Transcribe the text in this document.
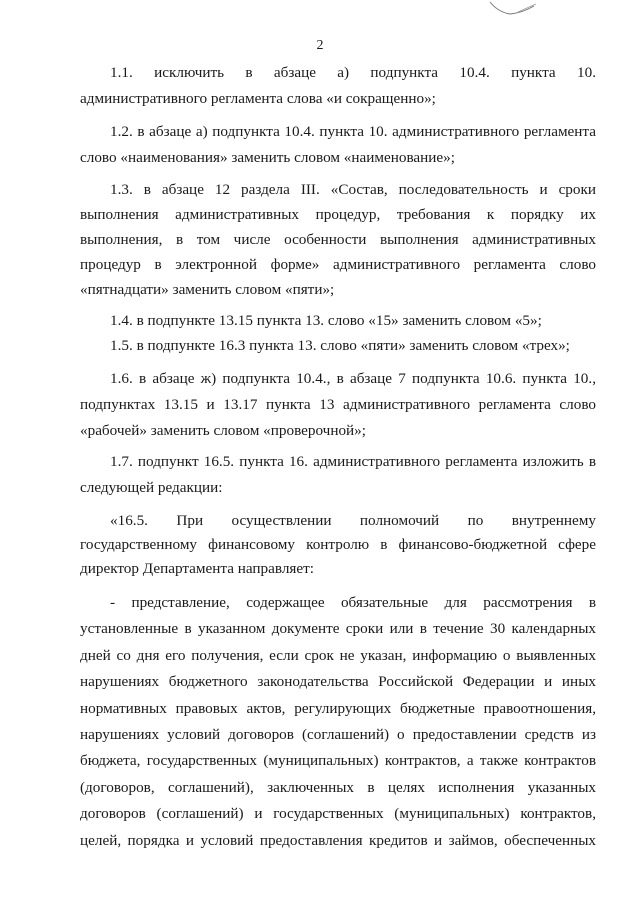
2
1.1. исключить в абзаце а) подпункта 10.4. пункта 10.
административного регламента слова «и сокращенно»;
1.2. в абзаце а) подпункта 10.4. пункта 10. административного регламента
слово «наименования» заменить словом «наименование»;
1.3. в абзаце 12 раздела III. «Состав, последовательность и сроки
выполнения административных процедур, требования к порядку их
выполнения, в том числе особенности выполнения административных
процедур в электронной форме» административного регламента слово
«пятнадцати» заменить словом «пяти»;
1.4. в подпункте 13.15 пункта 13. слово «15» заменить словом «5»;
1.5. в подпункте 16.3 пункта 13. слово «пяти» заменить словом «трех»;
1.6. в абзаце ж) подпункта 10.4., в абзаце 7 подпункта 10.6. пункта 10.,
подпунктах 13.15 и 13.17 пункта 13 административного регламента слово
«рабочей» заменить словом «проверочной»;
1.7. подпункт 16.5. пункта 16. административного регламента изложить в
следующей редакции:
«16.5. При осуществлении полномочий по внутреннему
государственному финансовому контролю в финансово-бюджетной сфере
директор Департамента направляет:
- представление, содержащее обязательные для рассмотрения в
установленные в указанном документе сроки или в течение 30 календарных
дней со дня его получения, если срок не указан, информацию о выявленных
нарушениях бюджетного законодательства Российской Федерации и иных
нормативных правовых актов, регулирующих бюджетные правоотношения,
нарушениях условий договоров (соглашений) о предоставлении средств из
бюджета, государственных (муниципальных) контрактов, а также контрактов
(договоров, соглашений), заключенных в целях исполнения указанных
договоров (соглашений) и государственных (муниципальных) контрактов,
целей, порядка и условий предоставления кредитов и займов, обеспеченных
